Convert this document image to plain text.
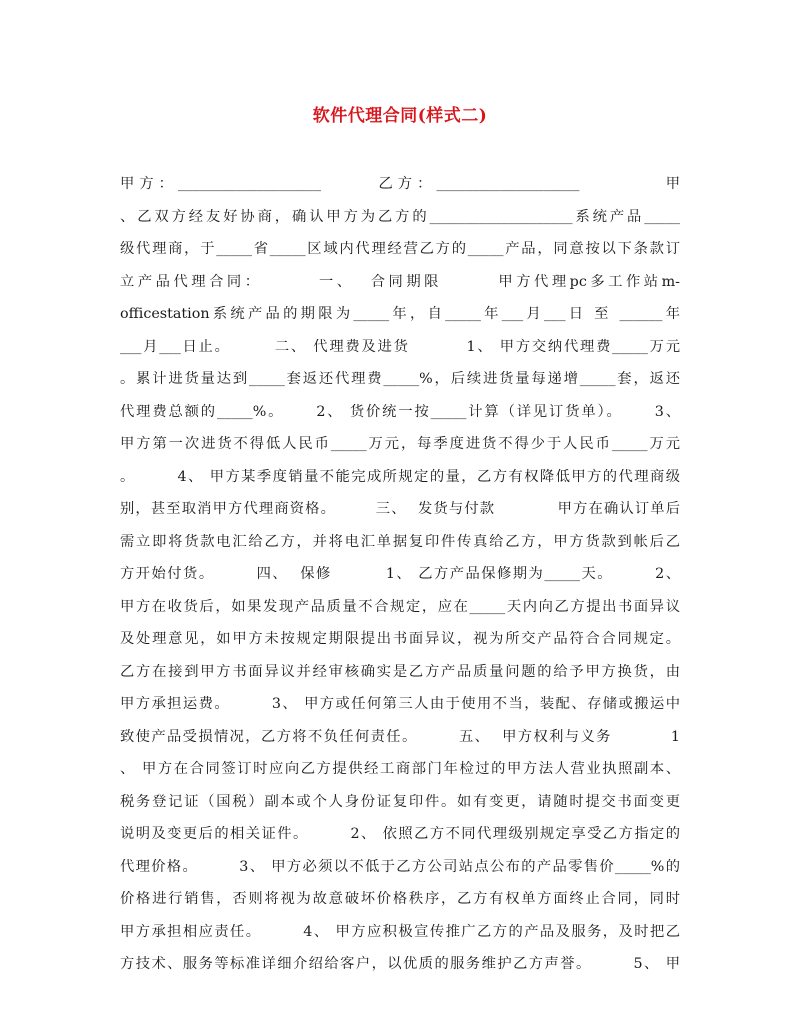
软件代理合同(样式二)
甲方：____________________      乙方：____________________         甲
、乙双方经友好协商，确认甲方为乙方的____________________系统产品_____
级代理商，于_____省_____区域内代理经营乙方的_____产品，同意按以下条款订
立产品代理合同：       一、  合同期限       甲方代理pc多工作站m-
officestation系统产品的期限为_____年，自_____年___月___日 至 ______年
___月___日止。       二、 代理费及进货         1、 甲方交纳代理费_____万元
。累计进货量达到_____套返还代理费_____%，后续进货量每递增_____套，返还
代理费总额的_____%。     2、 货价统一按_____计算（详见订货单）。     3、
甲方第一次进货不得低人民币_____万元，每季度进货不得少于人民币_____万元
。       4、 甲方某季度销量不能完成所规定的量，乙方有权降低甲方的代理商级
别，甚至取消甲方代理商资格。       三、  发货与付款           甲方在确认订单后
需立即将货款电汇给乙方，并将电汇单据复印件传真给乙方，甲方货款到帐后乙
方开始付货。       四、  保修         1、 乙方产品保修期为_____天。       2、
甲方在收货后，如果发现产品质量不合规定，应在_____天内向乙方提出书面异议
及处理意见，如甲方未按规定期限提出书面异议，视为所交产品符合合同规定。
乙方在接到甲方书面异议并经审核确实是乙方产品质量问题的给予甲方换货，由
甲方承担运费。       3、 甲方或任何第三人由于使用不当，装配、存储或搬运中
致使产品受损情况，乙方将不负任何责任。       五、  甲方权利与义务          1
、 甲方在合同签订时应向乙方提供经工商部门年检过的甲方法人营业执照副本、
税务登记证（国税）副本或个人身份证复印件。如有变更，请随时提交书面变更
说明及变更后的相关证件。       2、 依照乙方不同代理级别规定享受乙方指定的
代理价格。       3、 甲方必须以不低于乙方公司站点公布的产品零售价_____%的
价格进行销售，否则将视为故意破坏价格秩序，乙方有权单方面终止合同，同时
甲方承担相应责任。       4、 甲方应积极宣传推广乙方的产品及服务，及时把乙
方技术、服务等标准详细介绍给客户，以优质的服务维护乙方声誉。       5、 甲
